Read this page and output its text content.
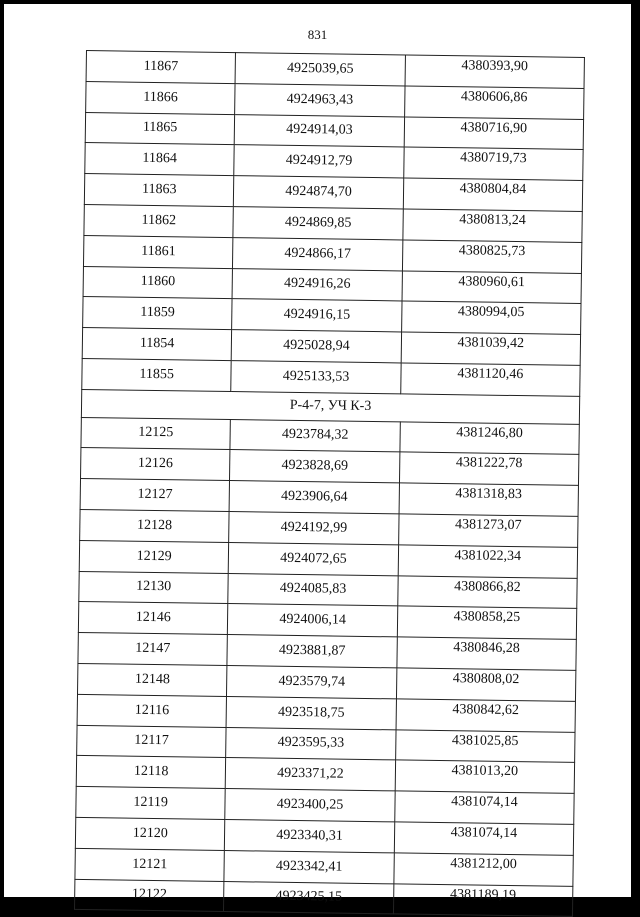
831
11867	4925039,65	4380393,90
11866	4924963,43	4380606,86
11865	4924914,03	4380716,90
11864	4924912,79	4380719,73
11863	4924874,70	4380804,84
11862	4924869,85	4380813,24
11861	4924866,17	4380825,73
11860	4924916,26	4380960,61
11859	4924916,15	4380994,05
11854	4925028,94	4381039,42
11855	4925133,53	4381120,46
Р-4-7, УЧ К-3		
12125	4923784,32	4381246,80
12126	4923828,69	4381222,78
12127	4923906,64	4381318,83
12128	4924192,99	4381273,07
12129	4924072,65	4381022,34
12130	4924085,83	4380866,82
12146	4924006,14	4380858,25
12147	4923881,87	4380846,28
12148	4923579,74	4380808,02
12116	4923518,75	4380842,62
12117	4923595,33	4381025,85
12118	4923371,22	4381013,20
12119	4923400,25	4381074,14
12120	4923340,31	4381074,14
12121	4923342,41	4381212,00
12122	4923425,15	4381189,19
